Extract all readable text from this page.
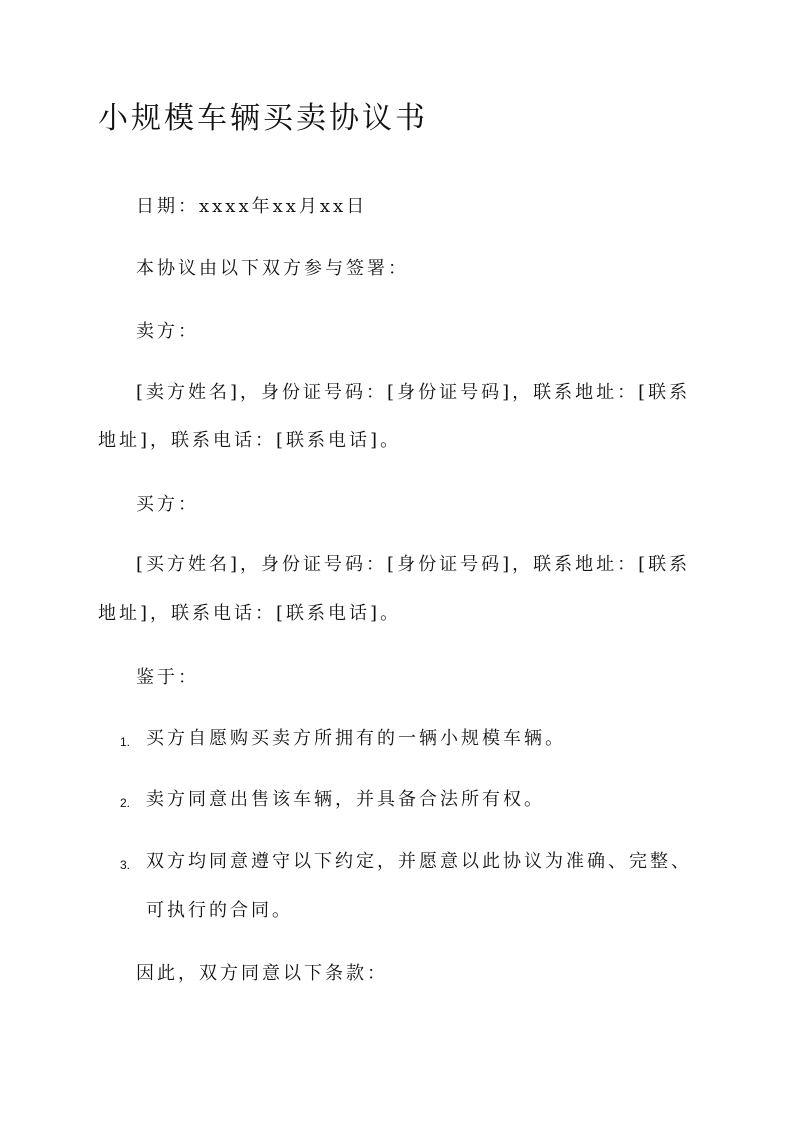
小规模车辆买卖协议书

日期：xxxx年xx月xx日

本协议由以下双方参与签署：

卖方：

[卖方姓名]，身份证号码：[身份证号码]，联系地址：[联系

地址]，联系电话：[联系电话]。

买方：

[买方姓名]，身份证号码：[身份证号码]，联系地址：[联系

地址]，联系电话：[联系电话]。

鉴于：

1. 买方自愿购买卖方所拥有的一辆小规模车辆。
2. 卖方同意出售该车辆，并具备合法所有权。
3. 双方均同意遵守以下约定，并愿意以此协议为准确、完整、
可执行的合同。

因此，双方同意以下条款：
